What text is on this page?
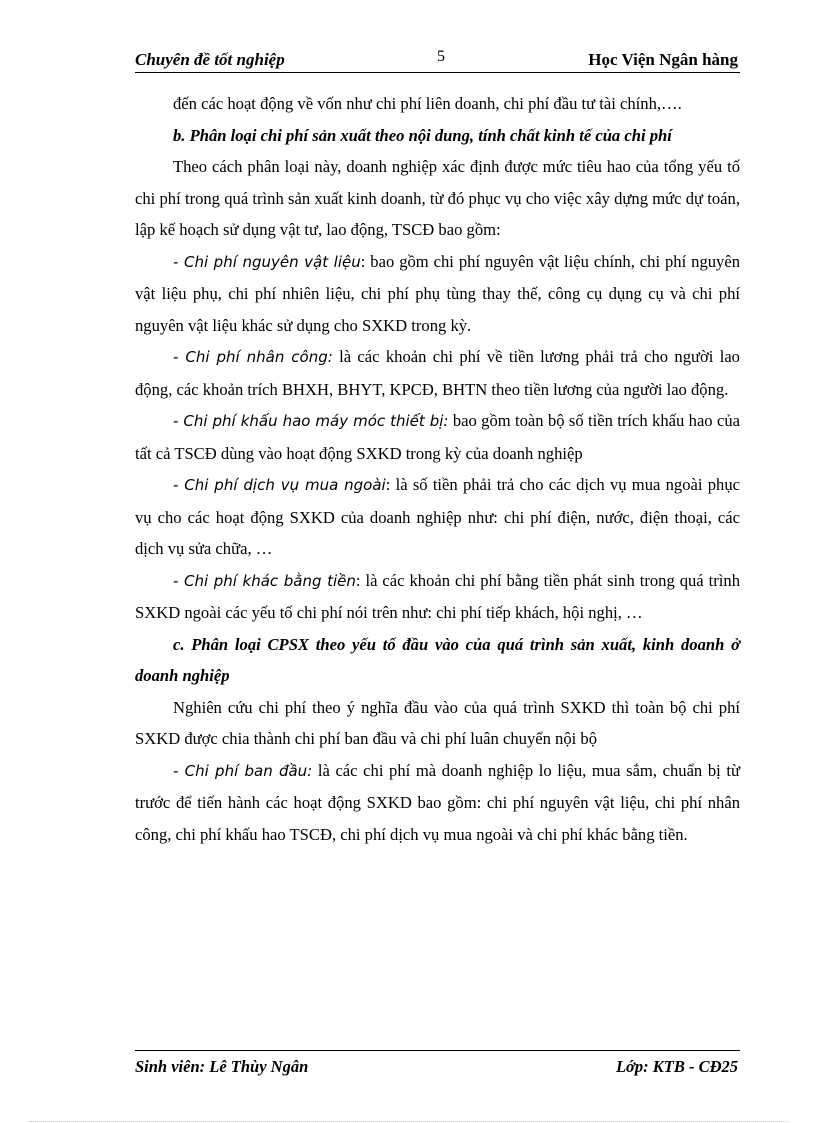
Chuyên đề tốt nghiệp	5	Học Viện Ngân hàng

đến các hoạt động về vốn như chi phí liên doanh, chi phí đầu tư tài chính,….

b. Phân loại chi phí sản xuất theo nội dung, tính chất kinh tế của chi phí

Theo cách phân loại này, doanh nghiệp xác định được mức tiêu hao của tổng yếu tố chi phí trong quá trình sản xuất kinh doanh, từ đó phục vụ cho việc xây dựng mức dự toán, lập kế hoạch sử dụng vật tư, lao động, TSCĐ bao gồm:

- Chi phí nguyên vật liệu: bao gồm chi phí nguyên vật liệu chính, chi phí nguyên vật liệu phụ, chi phí nhiên liệu, chi phí phụ tùng thay thế, công cụ dụng cụ và chi phí nguyên vật liệu khác sử dụng cho SXKD trong kỳ.

- Chi phí nhân công: là các khoản chi phí về tiền lương phải trả cho người lao động, các khoản trích BHXH, BHYT, KPCĐ, BHTN theo tiền lương của người lao động.

- Chi phí khấu hao máy móc thiết bị: bao gồm toàn bộ số tiền trích khấu hao của tất cả TSCĐ dùng vào hoạt động SXKD trong kỳ của doanh nghiệp

- Chi phí dịch vụ mua ngoài: là số tiền phải trả cho các dịch vụ mua ngoài phục vụ cho các hoạt động SXKD của doanh nghiệp như: chi phí điện, nước, điện thoại, các dịch vụ sửa chữa, …

- Chi phí khác bằng tiền: là các khoản chi phí bằng tiền phát sinh trong quá trình SXKD ngoài các yếu tố chi phí nói trên như: chi phí tiếp khách, hội nghị, …

c. Phân loại CPSX theo yếu tố đầu vào của quá trình sản xuất, kinh doanh ở doanh nghiệp

Nghiên cứu chi phí theo ý nghĩa đầu vào của quá trình SXKD thì toàn bộ chi phí SXKD được chia thành chi phí ban đầu và chi phí luân chuyển nội bộ

- Chi phí ban đầu: là các chi phí mà doanh nghiệp lo liệu, mua sắm, chuẩn bị từ trước để tiến hành các hoạt động SXKD bao gồm: chi phí nguyên vật liệu, chi phí nhân công, chi phí khấu hao TSCĐ, chi phí dịch vụ mua ngoài và chi phí khác bằng tiền.

Sinh viên: Lê Thùy Ngân	Lớp: KTB - CĐ25
